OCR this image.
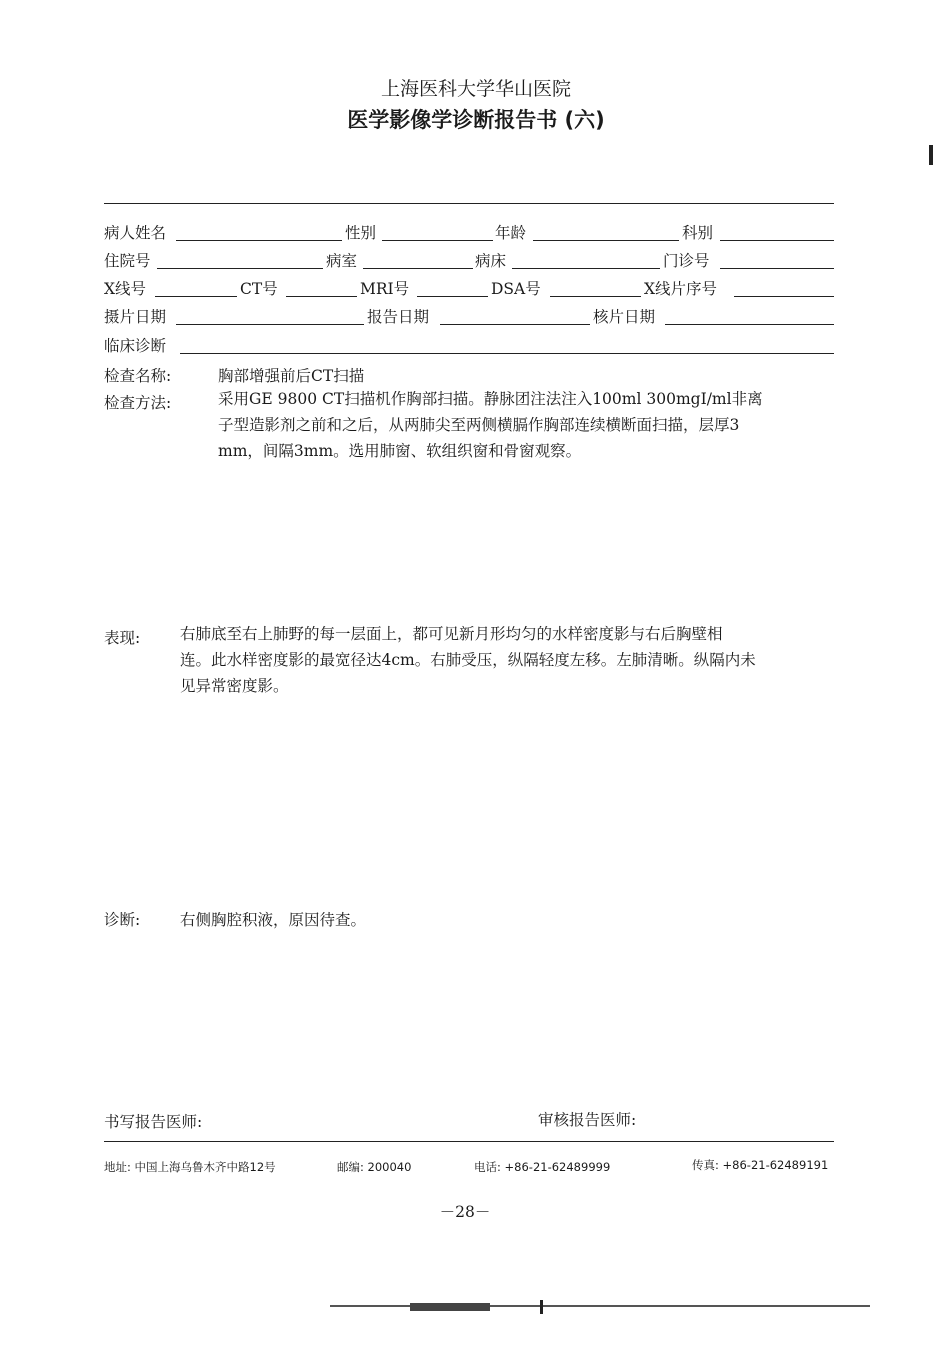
上海医科大学华山医院
医学影像学诊断报告书 (六)
病人姓名	性别	年龄	科别
住院号	病室	病床	门诊号
X线号	CT号	MRI号	DSA号	X线片序号
摄片日期	报告日期	核片日期
临床诊断
检查名称:	胸部增强前后CT扫描
检查方法:	采用GE 9800 CT扫描机作胸部扫描。静脉团注法注入100ml 300mgI/ml非离
子型造影剂之前和之后，从两肺尖至两侧横膈作胸部连续横断面扫描，层厚3
mm，间隔3mm。选用肺窗、软组织窗和骨窗观察。
表现:	右肺底至右上肺野的每一层面上，都可见新月形均匀的水样密度影与右后胸壁相
连。此水样密度影的最宽径达4cm。右肺受压，纵隔轻度左移。左肺清晰。纵隔内未
见异常密度影。
诊断:	右侧胸腔积液，原因待查。
书写报告医师:	审核报告医师:
地址: 中国上海乌鲁木齐中路12号	邮编: 200040	电话: +86-21-62489999	传真: +86-21-62489191
－28－
